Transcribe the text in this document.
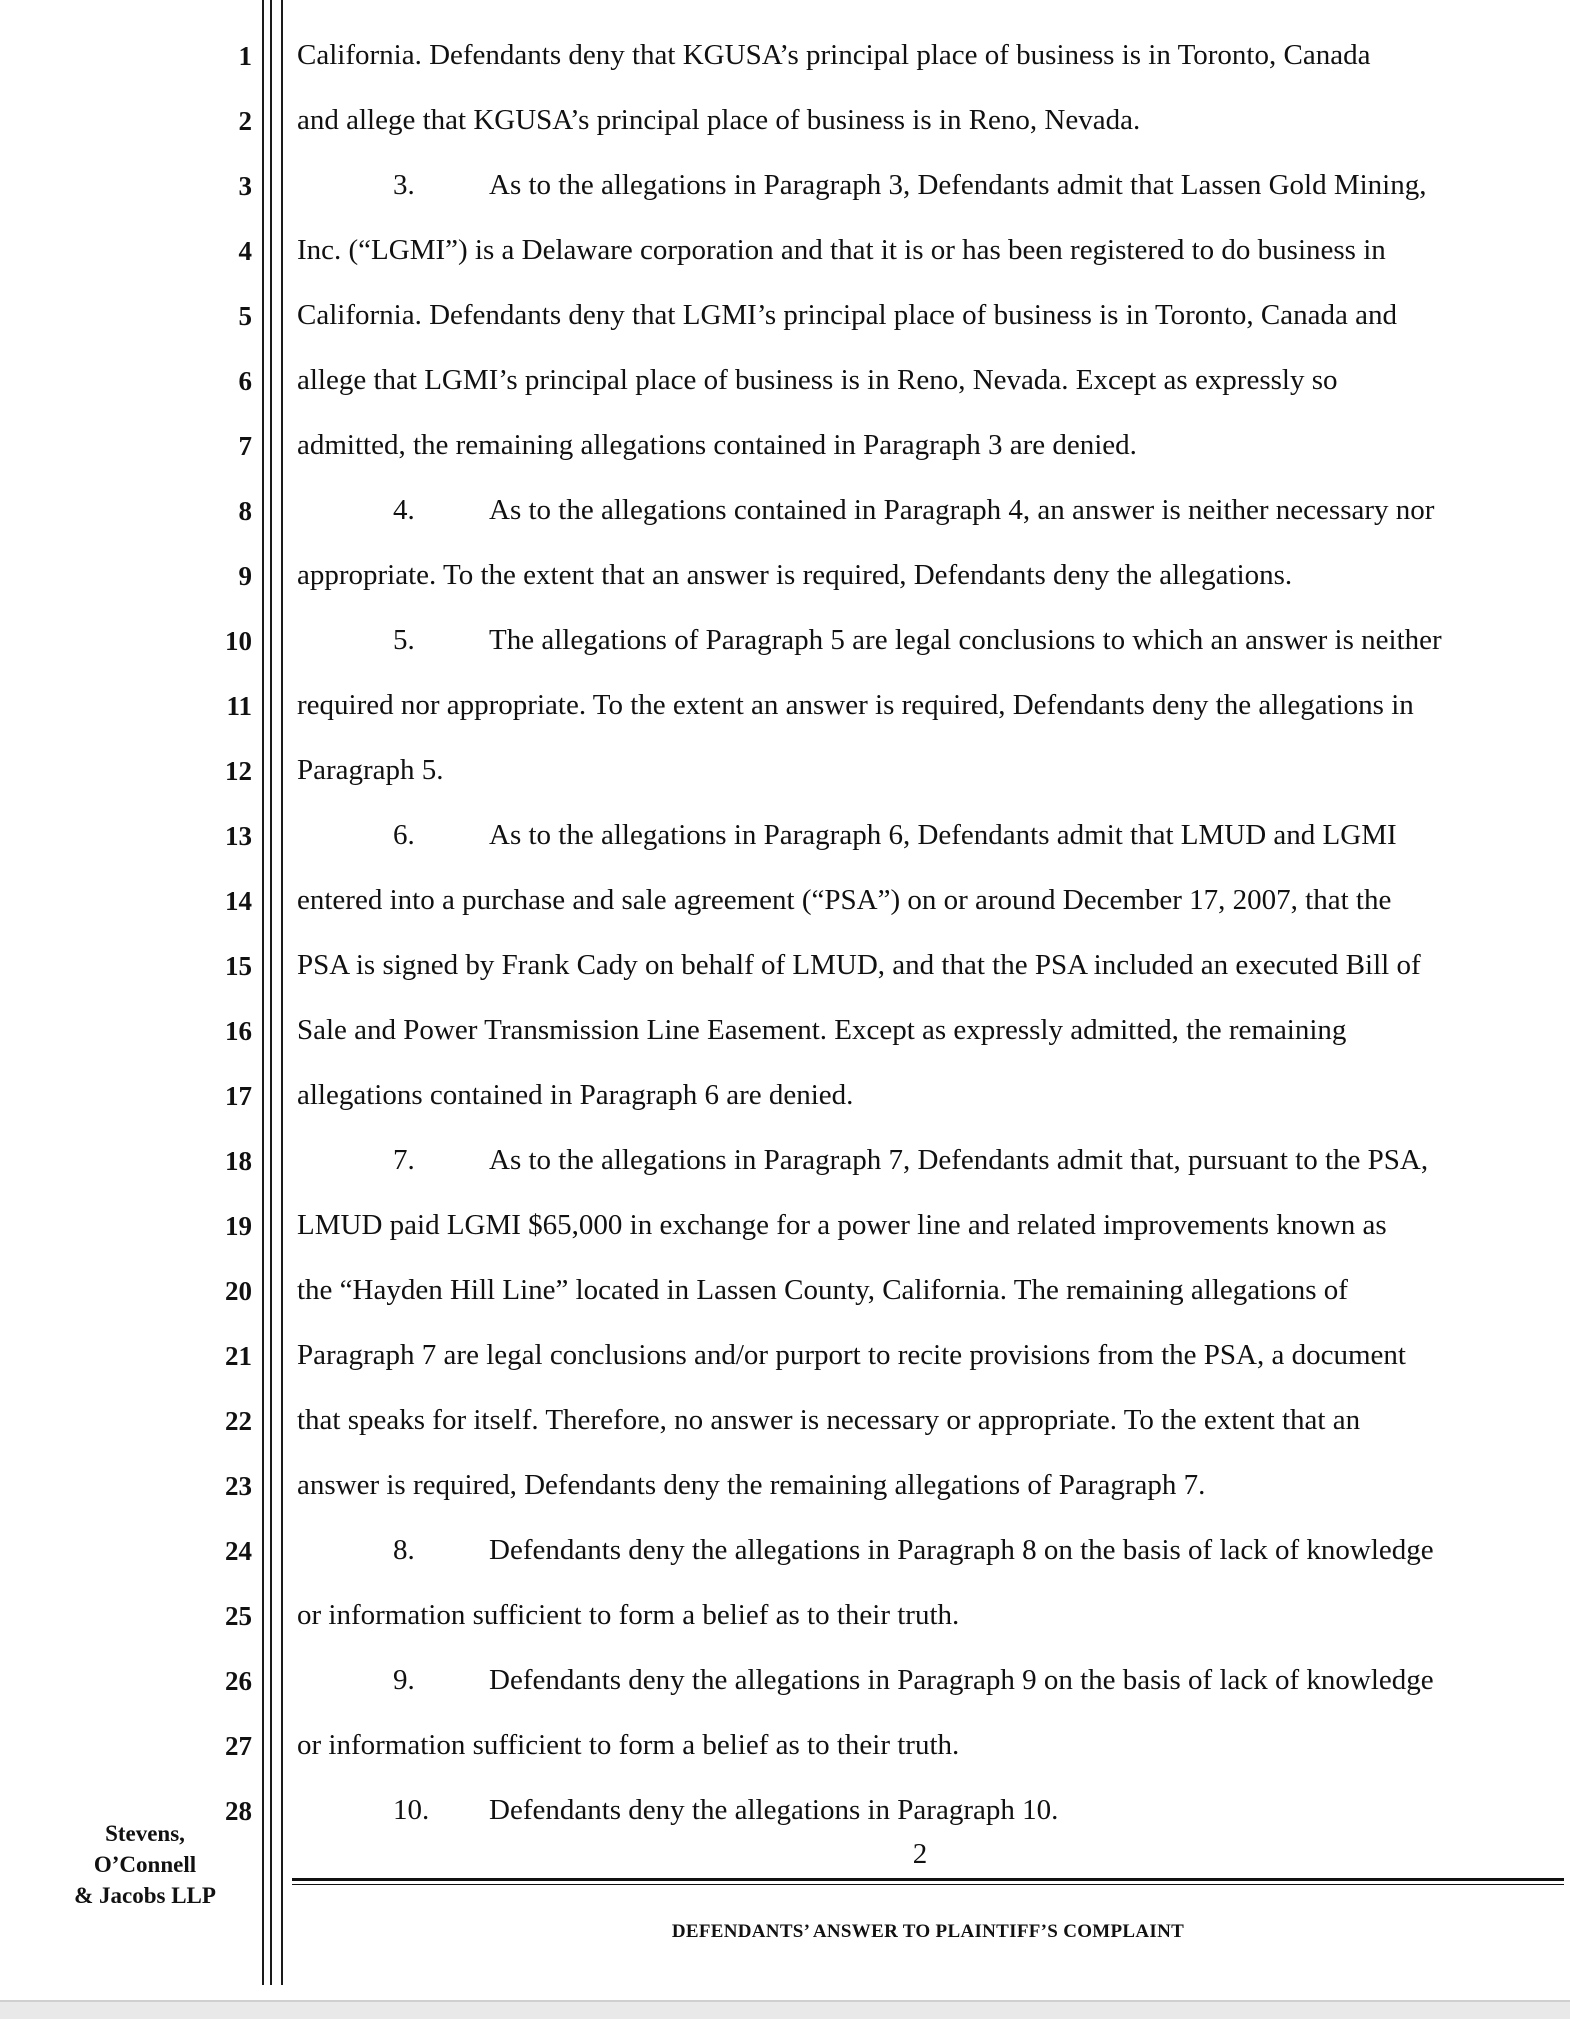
1
2
3
4
5
6
7
8
9
10
11
12
13
14
15
16
17
18
19
20
21
22
23
24
25
26
27
28
California. Defendants deny that KGUSA’s principal place of business is in Toronto, Canada
and allege that KGUSA’s principal place of business is in Reno, Nevada.
3.	As to the allegations in Paragraph 3, Defendants admit that Lassen Gold Mining,
Inc. (“LGMI”) is a Delaware corporation and that it is or has been registered to do business in
California. Defendants deny that LGMI’s principal place of business is in Toronto, Canada and
allege that LGMI’s principal place of business is in Reno, Nevada. Except as expressly so
admitted, the remaining allegations contained in Paragraph 3 are denied.
4.	As to the allegations contained in Paragraph 4, an answer is neither necessary nor
appropriate. To the extent that an answer is required, Defendants deny the allegations.
5.	The allegations of Paragraph 5 are legal conclusions to which an answer is neither
required nor appropriate. To the extent an answer is required, Defendants deny the allegations in
Paragraph 5.
6.	As to the allegations in Paragraph 6, Defendants admit that LMUD and LGMI
entered into a purchase and sale agreement (“PSA”) on or around December 17, 2007, that the
PSA is signed by Frank Cady on behalf of LMUD, and that the PSA included an executed Bill of
Sale and Power Transmission Line Easement. Except as expressly admitted, the remaining
allegations contained in Paragraph 6 are denied.
7.	As to the allegations in Paragraph 7, Defendants admit that, pursuant to the PSA,
LMUD paid LGMI $65,000 in exchange for a power line and related improvements known as
the “Hayden Hill Line” located in Lassen County, California. The remaining allegations of
Paragraph 7 are legal conclusions and/or purport to recite provisions from the PSA, a document
that speaks for itself. Therefore, no answer is necessary or appropriate. To the extent that an
answer is required, Defendants deny the remaining allegations of Paragraph 7.
8.	Defendants deny the allegations in Paragraph 8 on the basis of lack of knowledge
or information sufficient to form a belief as to their truth.
9.	Defendants deny the allegations in Paragraph 9 on the basis of lack of knowledge
or information sufficient to form a belief as to their truth.
10. Defendants deny the allegations in Paragraph 10.
Stevens,
O’Connell
& Jacobs LLP
2
DEFENDANTS’ ANSWER TO PLAINTIFF’S COMPLAINT
